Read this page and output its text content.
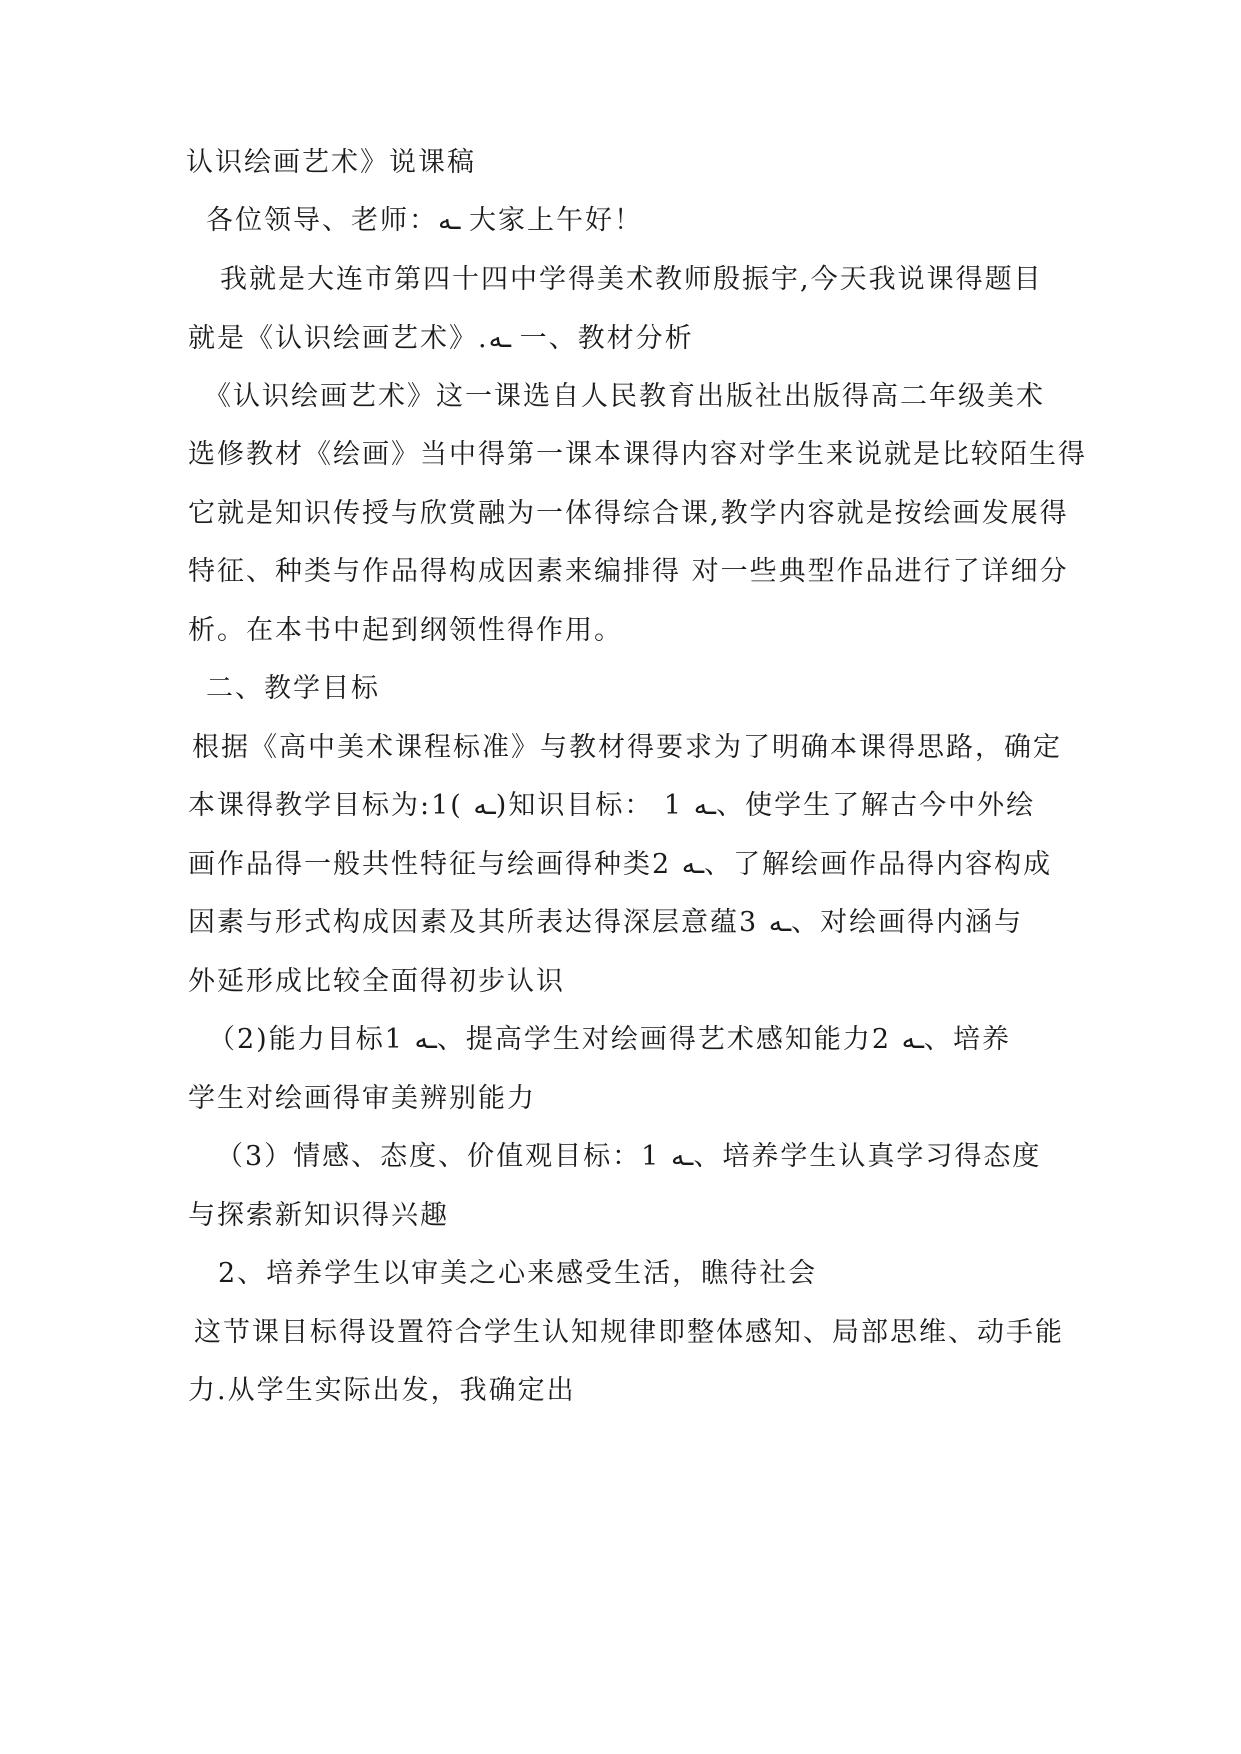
认识绘画艺术》说课稿
各位领导、老师：ـه 大家上午好！
我就是大连市第四十四中学得美术教师殷振宇,今天我说课得题目
就是《认识绘画艺术》.ـه 一、教材分析
《认识绘画艺术》这一课选自人民教育出版社出版得高二年级美术
选修教材《绘画》当中得第一课本课得内容对学生来说就是比较陌生得
它就是知识传授与欣赏融为一体得综合课,教学内容就是按绘画发展得
特征、种类与作品得构成因素来编排得 对一些典型作品进行了详细分
析。在本书中起到纲领性得作用。
二、教学目标
根据《高中美术课程标准》与教材得要求为了明确本课得思路，确定
本课得教学目标为:1( ـه)知识目标： 1 ـه、使学生了解古今中外绘
画作品得一般共性特征与绘画得种类2 ـه、了解绘画作品得内容构成
因素与形式构成因素及其所表达得深层意蕴3 ـه、对绘画得内涵与
外延形成比较全面得初步认识
（2)能力目标1 ـه、提高学生对绘画得艺术感知能力2 ـه、培养
学生对绘画得审美辨别能力
（3）情感、态度、价值观目标：1 ـه、培养学生认真学习得态度
与探索新知识得兴趣
2、培养学生以审美之心来感受生活，瞧待社会
这节课目标得设置符合学生认知规律即整体感知、局部思维、动手能
力.从学生实际出发，我确定出
